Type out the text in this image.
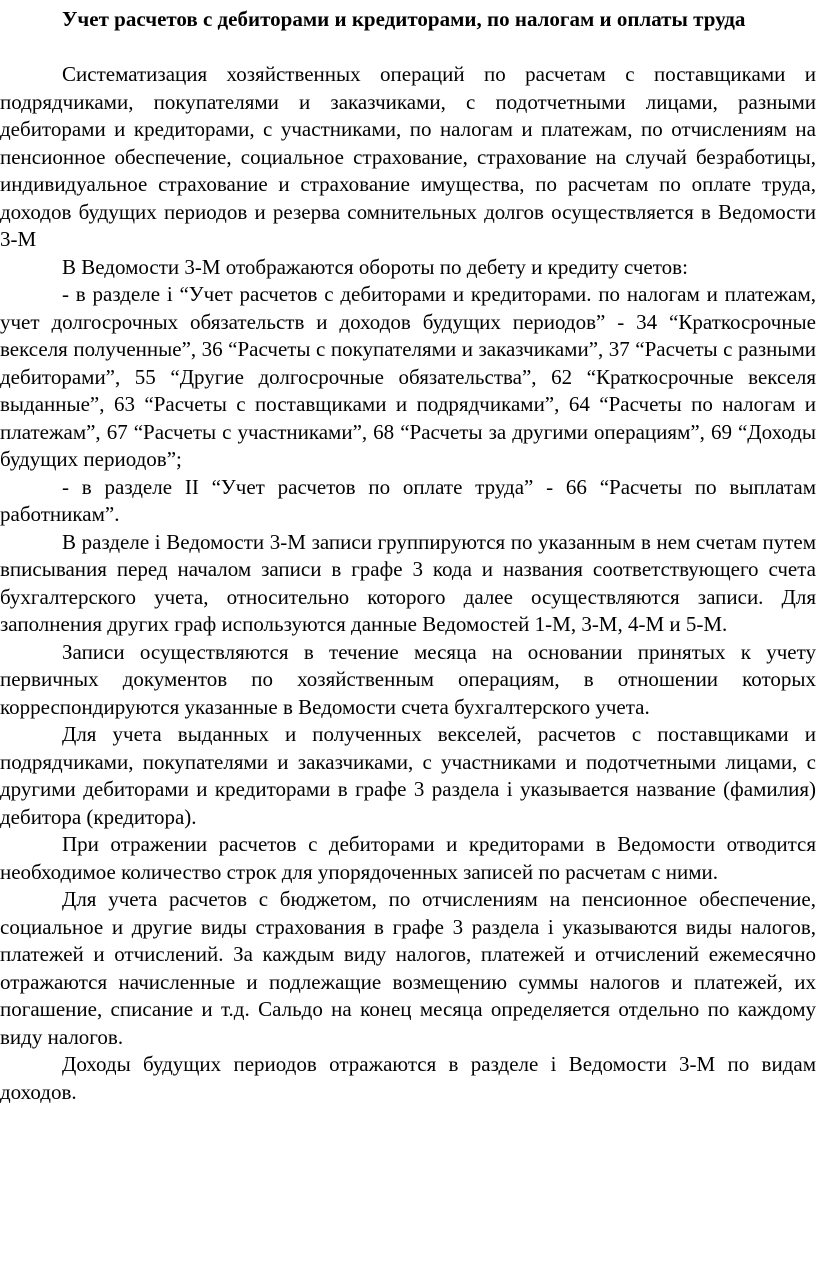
Учет расчетов с дебиторами и кредиторами, по налогам и оплаты труда

Систематизация хозяйственных операций по расчетам с поставщиками и подрядчиками, покупателями и заказчиками, с подотчетными лицами, разными дебиторами и кредиторами, с участниками, по налогам и платежам, по отчислениям на пенсионное обеспечение, социальное страхование, страхование на случай безработицы, индивидуальное страхование и страхование имущества, по расчетам по оплате труда, доходов будущих периодов и резерва сомнительных долгов осуществляется в Ведомости 3-М

В Ведомости 3-М отображаются обороты по дебету и кредиту счетов:

- в разделе і “Учет расчетов с дебиторами и кредиторами. по налогам и платежам, учет долгосрочных обязательств и доходов будущих периодов” - 34 “Краткосрочные векселя полученные”, 36 “Расчеты с покупателями и заказчиками”, 37 “Расчеты с разными дебиторами”, 55 “Другие долгосрочные обязательства”, 62 “Краткосрочные векселя выданные”, 63 “Расчеты с поставщиками и подрядчиками”, 64 “Расчеты по налогам и платежам”, 67 “Расчеты с участниками”, 68 “Расчеты за другими операциям”, 69 “Доходы будущих периодов”;

- в разделе II “Учет расчетов по оплате труда” - 66 “Расчеты по выплатам работникам”.

В разделе і Ведомости 3-М записи группируются по указанным в нем счетам путем вписывания перед началом записи в графе 3 кода и названия соответствующего счета бухгалтерского учета, относительно которого далее осуществляются записи. Для заполнения других граф используются данные Ведомостей 1-М, 3-М, 4-М и 5-М.

Записи осуществляются в течение месяца на основании принятых к учету первичных документов по хозяйственным операциям, в отношении которых корреспондируются указанные в Ведомости счета бухгалтерского учета.

Для учета выданных и полученных векселей, расчетов с поставщиками и подрядчиками, покупателями и заказчиками, с участниками и подотчетными лицами, с другими дебиторами и кредиторами в графе 3 раздела і указывается название (фамилия) дебитора (кредитора).

При отражении расчетов с дебиторами и кредиторами в Ведомости отводится необходимое количество строк для упорядоченных записей по расчетам с ними.

Для учета расчетов с бюджетом, по отчислениям на пенсионное обеспечение, социальное и другие виды страхования в графе 3 раздела і указываются виды налогов, платежей и отчислений. За каждым виду налогов, платежей и отчислений ежемесячно отражаются начисленные и подлежащие возмещению суммы налогов и платежей, их погашение, списание и т.д. Сальдо на конец месяца определяется отдельно по каждому виду налогов.

Доходы будущих периодов отражаются в разделе і Ведомости 3-М по видам доходов.
